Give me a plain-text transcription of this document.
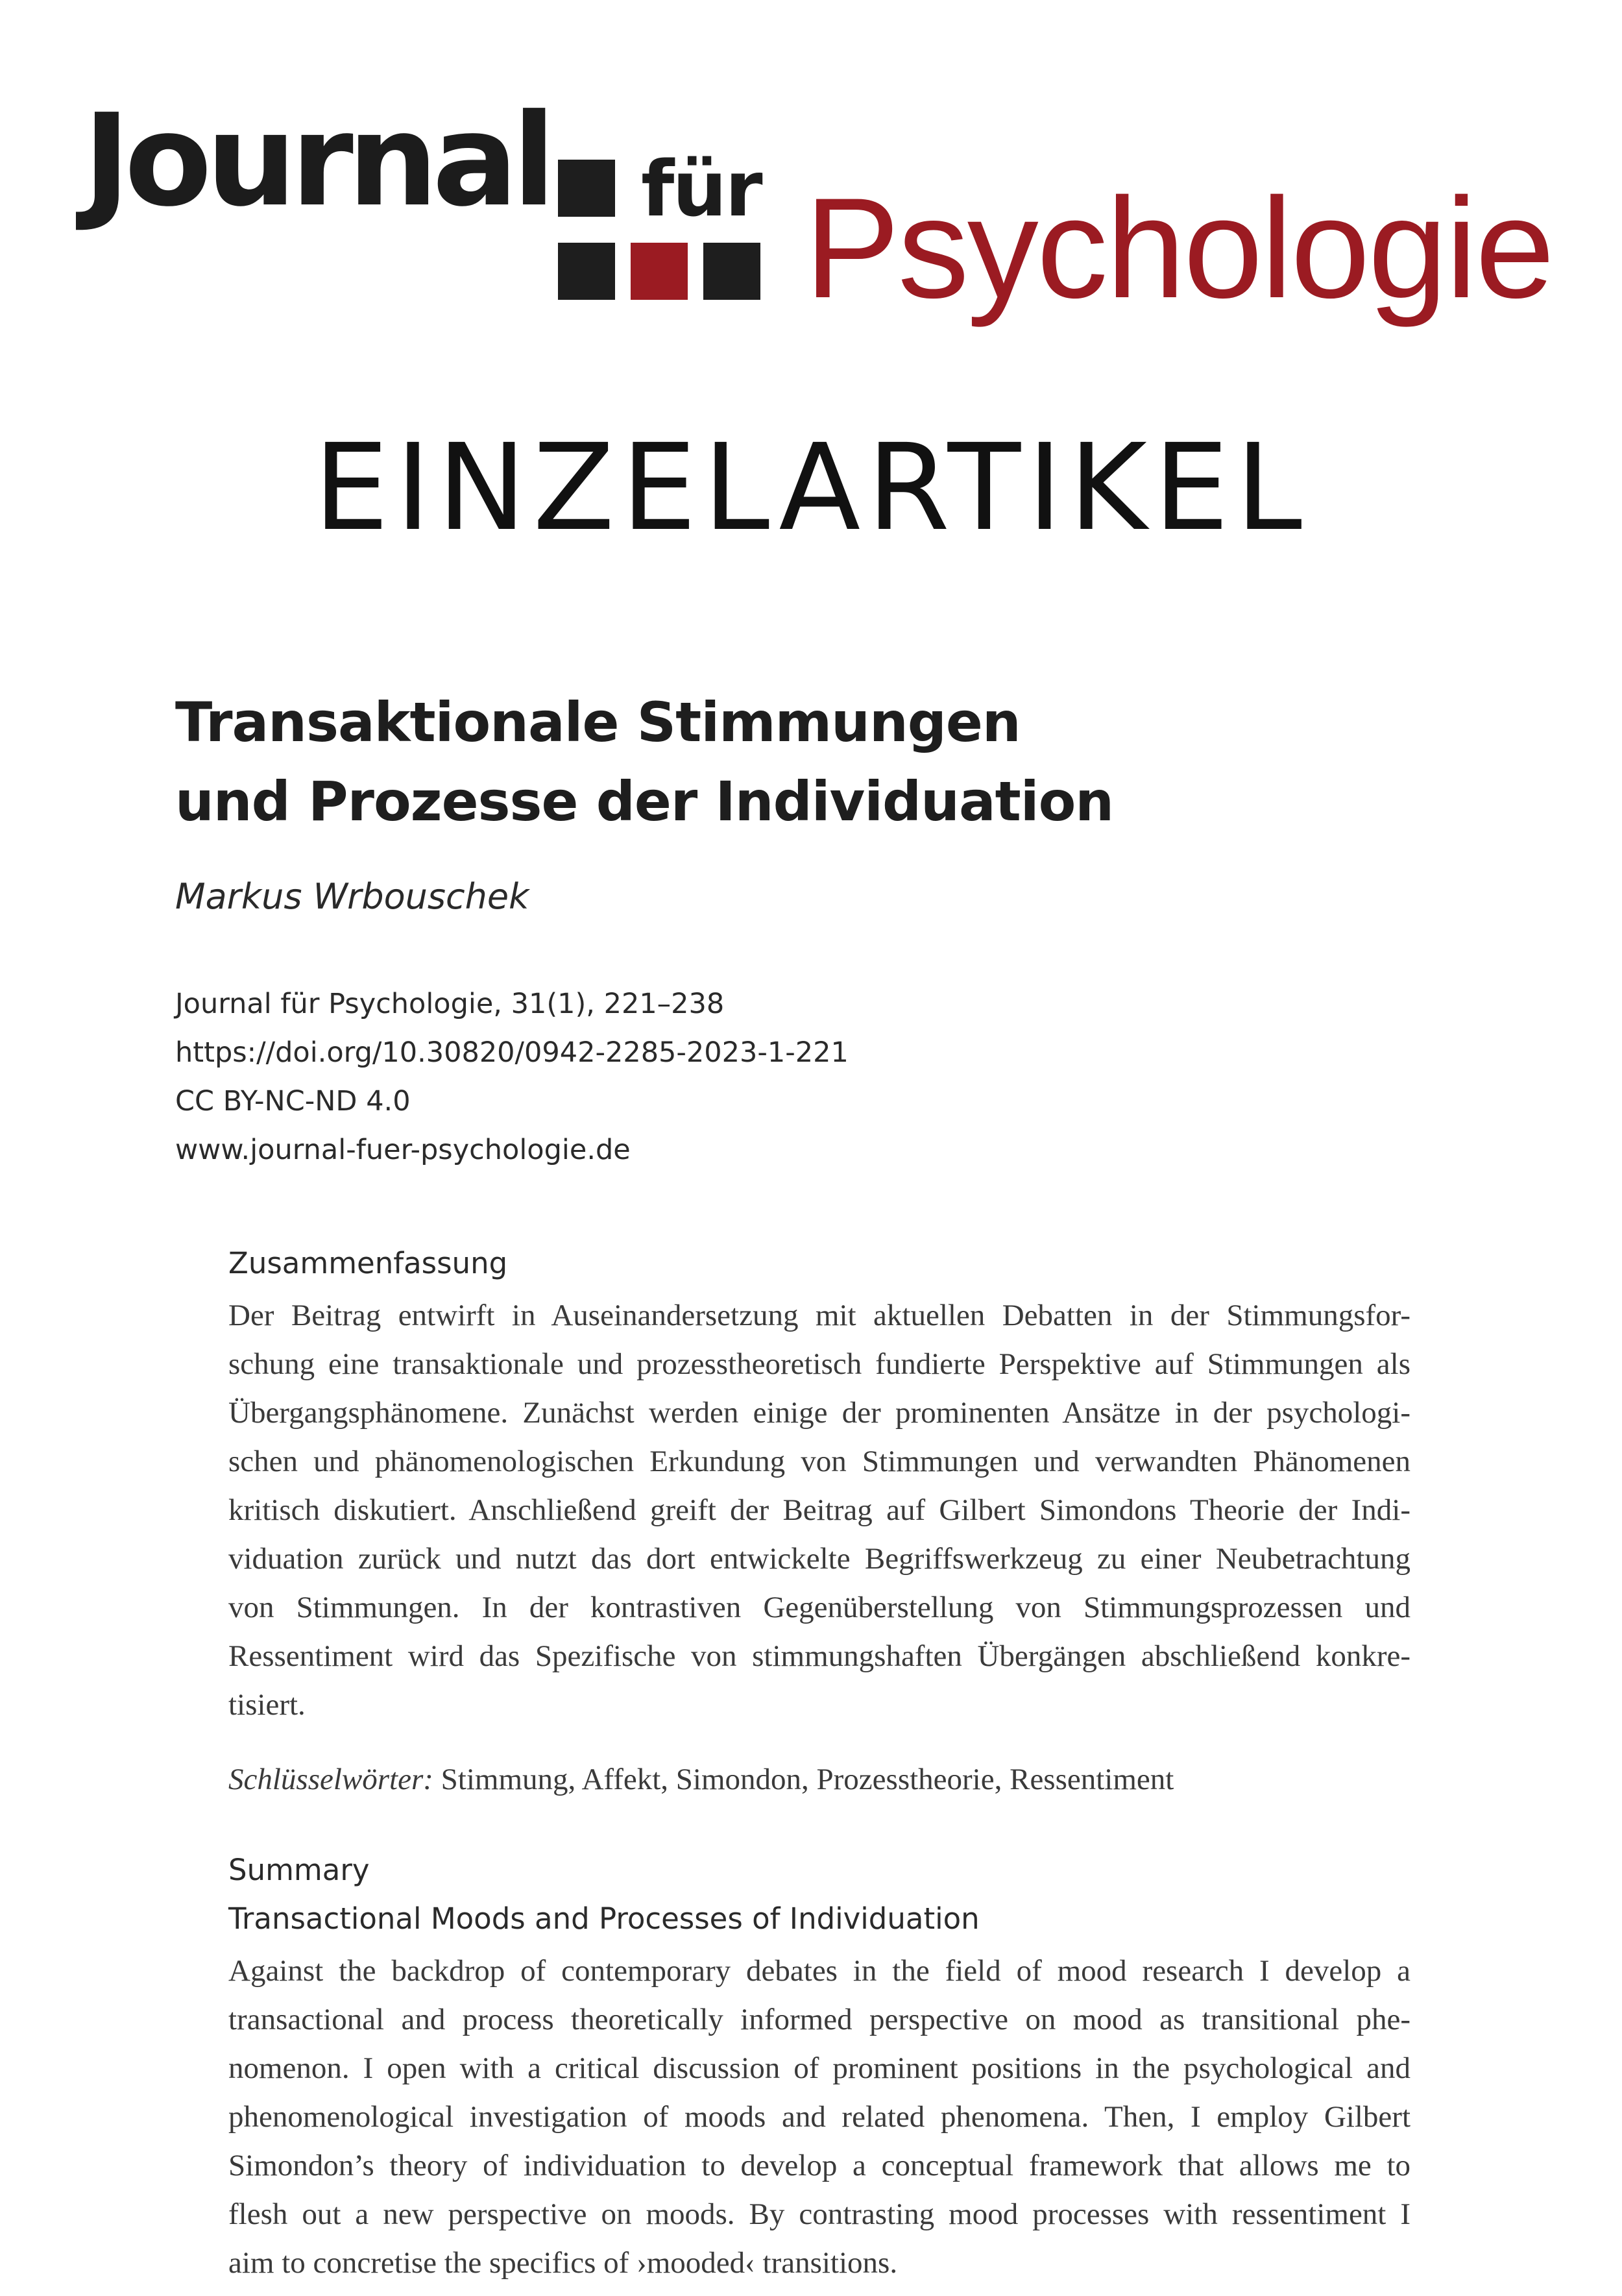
Journal für Psychologie
EINZELARTIKEL
Transaktionale Stimmungen
und Prozesse der Individuation
Markus Wrbouschek
Journal für Psychologie, 31(1), 221–238
https://doi.org/10.30820/0942-2285-2023-1-221
CC BY-NC-ND 4.0
www.journal-fuer-psychologie.de
Zusammenfassung
Der Beitrag entwirft in Auseinandersetzung mit aktuellen Debatten in der Stimmungsfor-
schung eine transaktionale und prozesstheoretisch fundierte Perspektive auf Stimmungen als
Übergangsphänomene. Zunächst werden einige der prominenten Ansätze in der psychologi-
schen und phänomenologischen Erkundung von Stimmungen und verwandten Phänomenen
kritisch diskutiert. Anschließend greift der Beitrag auf Gilbert Simondons Theorie der Indi-
viduation zurück und nutzt das dort entwickelte Begriffswerkzeug zu einer Neubetrachtung
von Stimmungen. In der kontrastiven Gegenüberstellung von Stimmungsprozessen und
Ressentiment wird das Spezifische von stimmungshaften Übergängen abschließend konkre-
tisiert.
Schlüsselwörter: Stimmung, Affekt, Simondon, Prozesstheorie, Ressentiment
Summary
Transactional Moods and Processes of Individuation
Against the backdrop of contemporary debates in the field of mood research I develop a
transactional and process theoretically informed perspective on mood as transitional phe-
nomenon. I open with a critical discussion of prominent positions in the psychological and
phenomenological investigation of moods and related phenomena. Then, I employ Gilbert
Simondon’s theory of individuation to develop a conceptual framework that allows me to
flesh out a new perspective on moods. By contrasting mood processes with ressentiment I
aim to concretise the specifics of ›mooded‹ transitions.
